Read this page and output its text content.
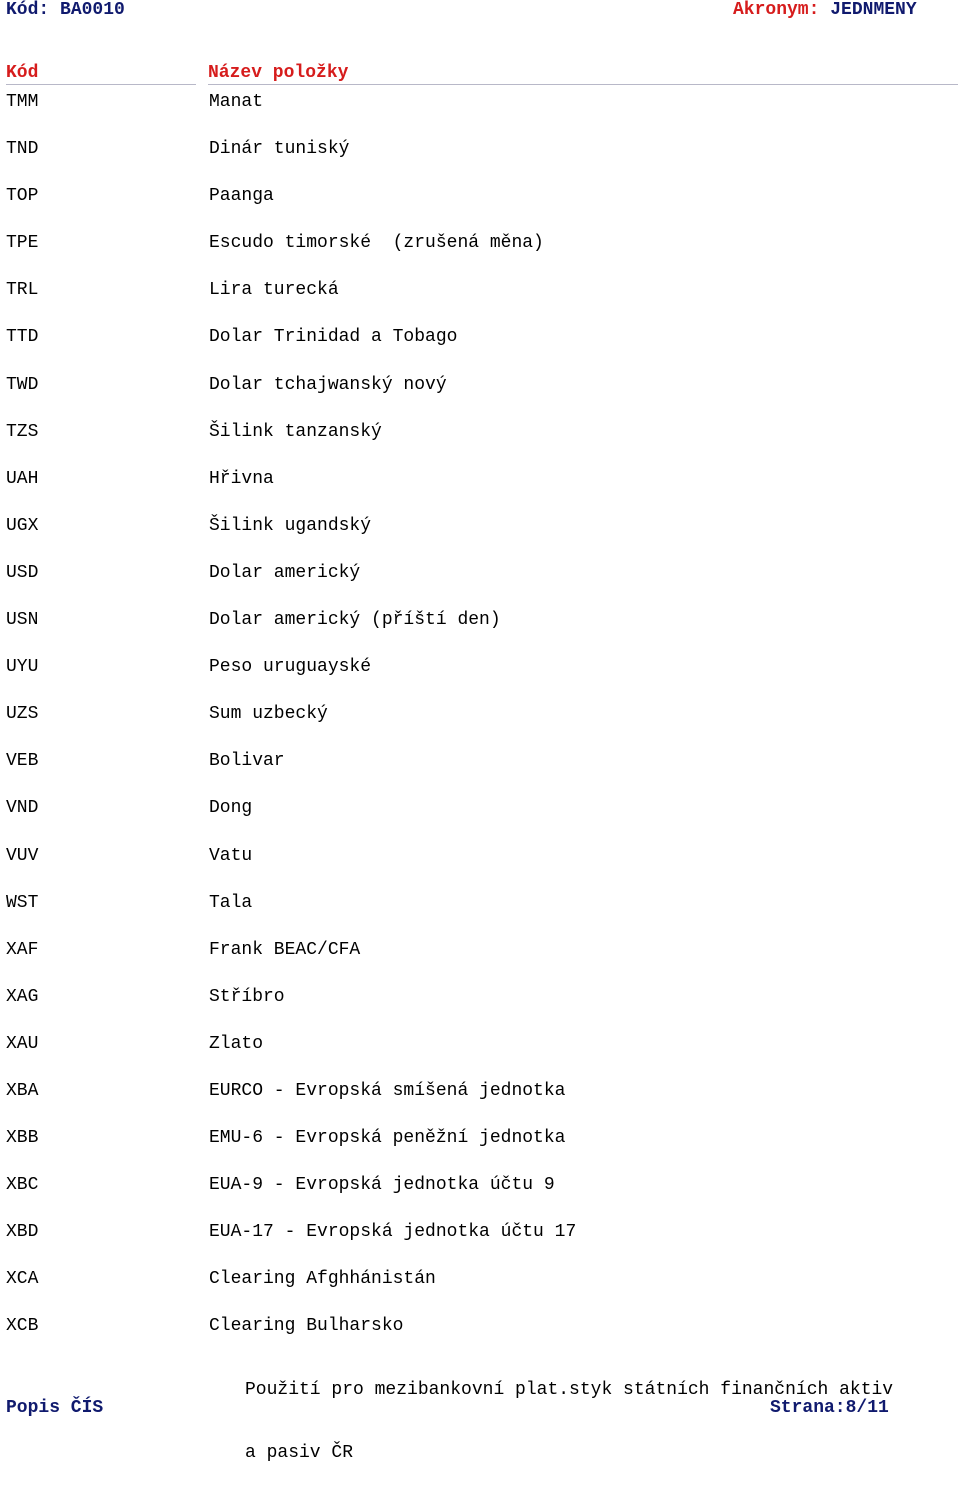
Kód: BA0010	Akronym: JEDNMENY
Kód	Název položky
TMM	Manat
TND	Dinár tuniský
TOP	Paanga
TPE	Escudo timorské  (zrušená měna)
TRL	Lira turecká
TTD	Dolar Trinidad a Tobago
TWD	Dolar tchajwanský nový
TZS	Šilink tanzanský
UAH	Hřivna
UGX	Šilink ugandský
USD	Dolar americký
USN	Dolar americký (příští den)
UYU	Peso uruguayské
UZS	Sum uzbecký
VEB	Bolivar
VND	Dong
VUV	Vatu
WST	Tala
XAF	Frank BEAC/CFA
XAG	Stříbro
XAU	Zlato
XBA	EURCO - Evropská smíšená jednotka
XBB	EMU-6 - Evropská peněžní jednotka
XBC	EUA-9 - Evropská jednotka účtu 9
XBD	EUA-17 - Evropská jednotka účtu 17
XCA	Clearing Afghhánistán
XCB	Clearing Bulharsko

Použití pro mezibankovní plat.styk státních finančních aktiv

a pasiv ČR

Popis ČÍS	Strana:8/11
